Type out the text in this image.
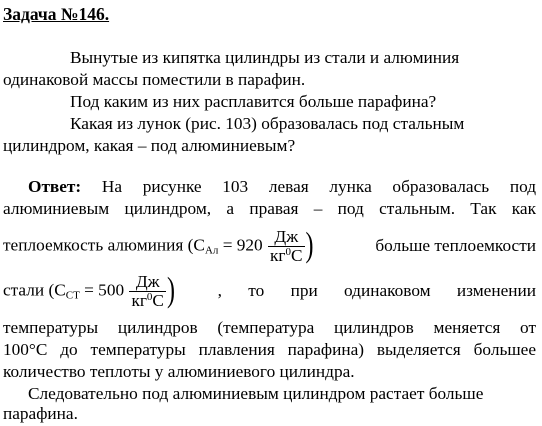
Задача №146.
Вынутые из кипятка цилиндры из стали и алюминия
одинаковой массы поместили в парафин.
Под каким из них расплавится больше парафина?
Какая из лунок (рис. 103) образовалась под стальным
цилиндром, какая – под алюминиевым?
Ответ: На рисунке 103 левая лунка образовалась под
алюминиевым цилиндром, а правая – под стальным. Так как
теплоемкость алюминия ($С_{Ал} = 920 \frac{Дж}{кг^0С}$ )	больше теплоемкости
стали ($С_{СТ} = 500 \frac{Дж}{кг^0С}$ ) , то при одинаковом изменении
температуры цилиндров (температура цилиндров меняется от
100°С до температуры плавления парафина) выделяется большее
количество теплоты у алюминиевого цилиндра.
Следовательно под алюминиевым цилиндром растает больше
парафина.
